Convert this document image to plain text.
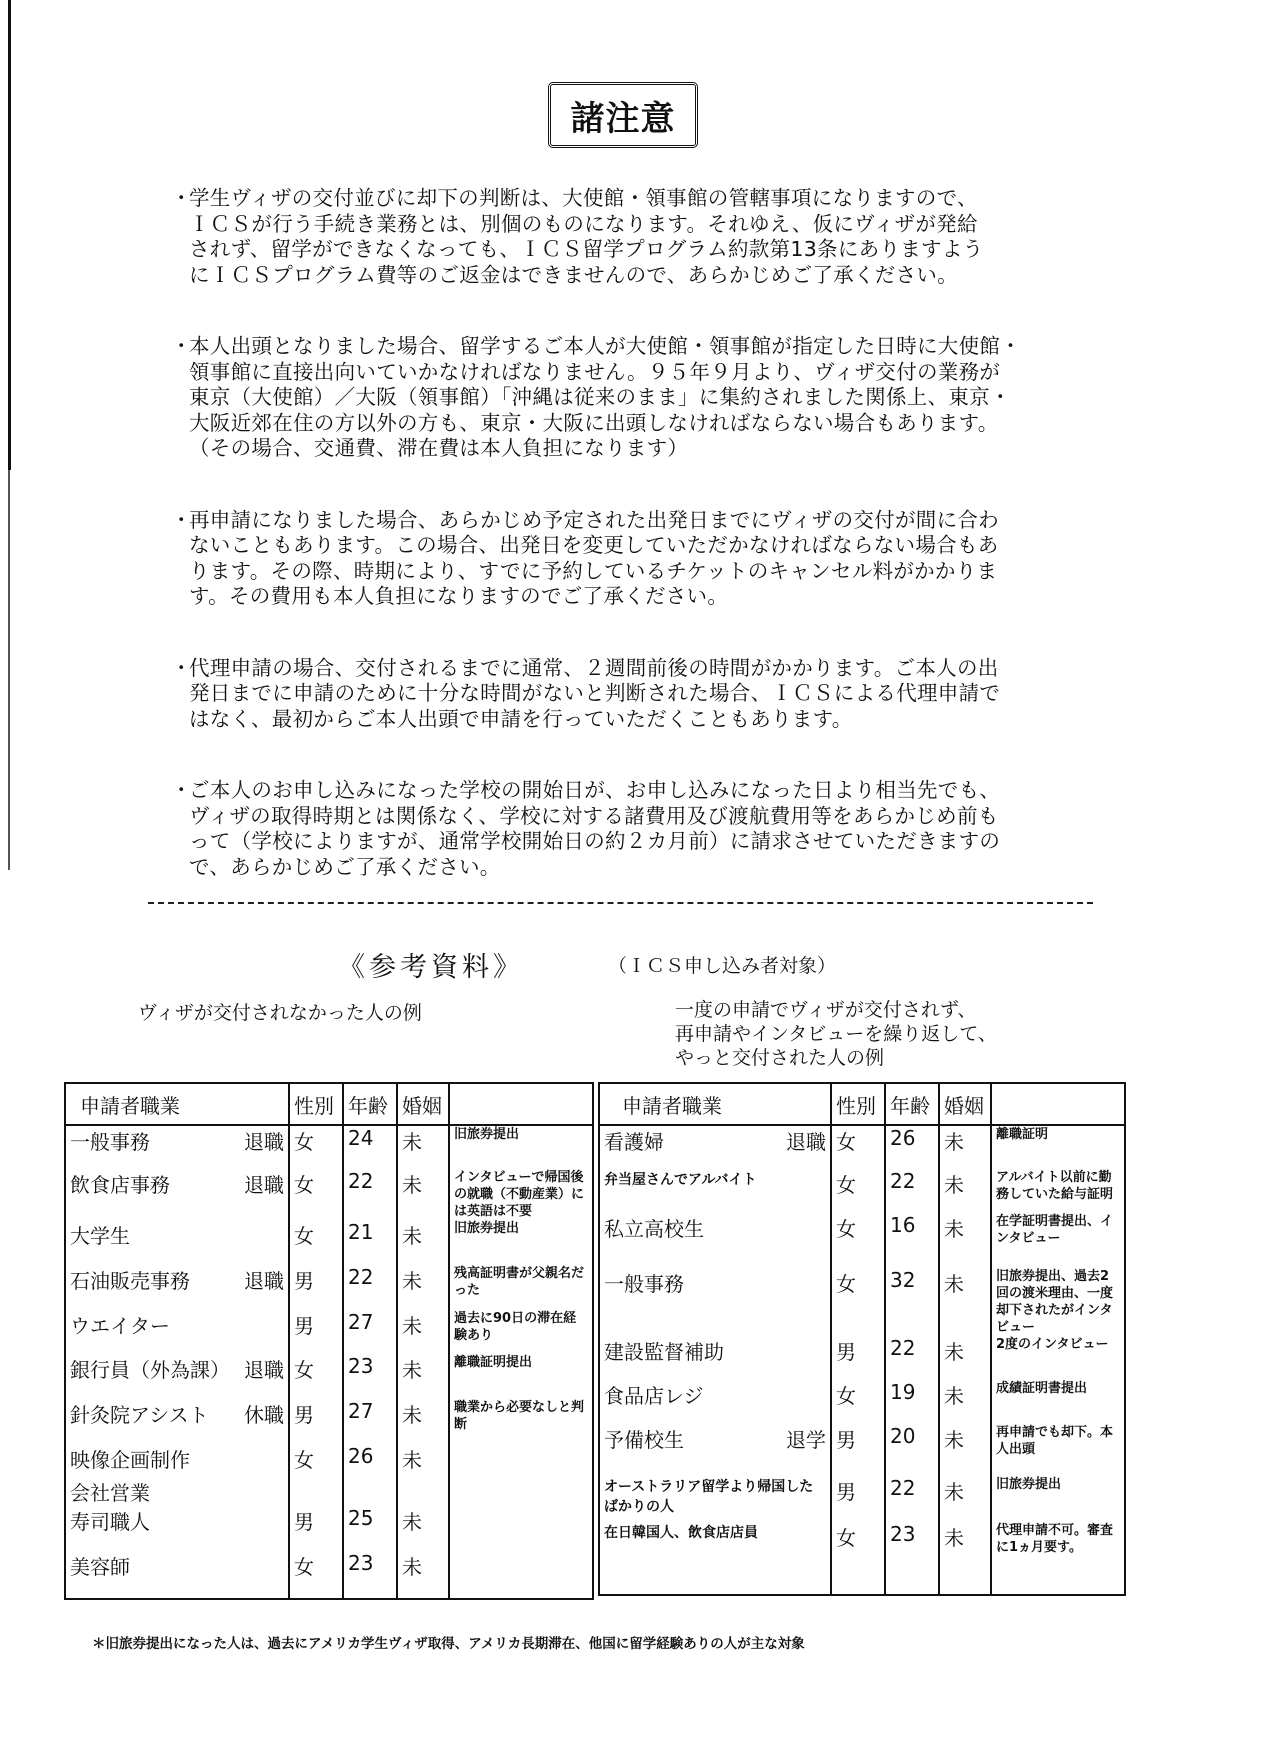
諸注意
・
学生ヴィザの交付並びに却下の判断は、大使館・領事館の管轄事項になりますので、
ＩＣＳが行う手続き業務とは、別個のものになります。それゆえ、仮にヴィザが発給
されず、留学ができなくなっても、ＩＣＳ留学プログラム約款第13条にありますよう
にＩＣＳプログラム費等のご返金はできませんので、あらかじめご了承ください。
・
本人出頭となりました場合、留学するご本人が大使館・領事館が指定した日時に大使館・
領事館に直接出向いていかなければなりません。９５年９月より、ヴィザ交付の業務が
東京（大使館）／大阪（領事館）「沖縄は従来のまま」に集約されました関係上、東京・
大阪近郊在住の方以外の方も、東京・大阪に出頭しなければならない場合もあります。
（その場合、交通費、滞在費は本人負担になります）
・
再申請になりました場合、あらかじめ予定された出発日までにヴィザの交付が間に合わ
ないこともあります。この場合、出発日を変更していただかなければならない場合もあ
ります。その際、時期により、すでに予約しているチケットのキャンセル料がかかりま
す。その費用も本人負担になりますのでご了承ください。
・
代理申請の場合、交付されるまでに通常、２週間前後の時間がかかります。ご本人の出
発日までに申請のために十分な時間がないと判断された場合、ＩＣＳによる代理申請で
はなく、最初からご本人出頭で申請を行っていただくこともあります。
・
ご本人のお申し込みになった学校の開始日が、お申し込みになった日より相当先でも、
ヴィザの取得時期とは関係なく、学校に対する諸費用及び渡航費用等をあらかじめ前も
って（学校によりますが、通常学校開始日の約２カ月前）に請求させていただきますの
で、あらかじめご了承ください。
《参考資料》	（ＩＣＳ申し込み者対象）
ヴィザが交付されなかった人の例	一度の申請でヴィザが交付されず、
再申請やインタビューを繰り返して、
やっと交付された人の例
申請者職業	性別	年齢	婚姻	

一般事務 退職	女	24	未	旧旅券提出

飲食店事務 退職	女	22	未	インタビューで帰国後の就職（不動産業）には英語は不要

大学生	女	21	未	旧旅券提出

石油販売事務 退職	男	22	未	残高証明書が父親名だった

ウエイター	男	27	未	過去に90日の滞在経験あり

銀行員（外為課） 退職	女	23	未	離職証明提出

針灸院アシスト 休職	男	27	未	職業から必要なしと判断

映像企画制作	女	26	未	

会社営業				

寿司職人	男	25	未	

美容師	女	23	未	
申請者職業	性別	年齢	婚姻	

看護婦 退職	女	26	未	離職証明

弁当屋さんでアルバイト	女	22	未	アルバイト以前に勤務していた給与証明

私立高校生	女	16	未	在学証明書提出、インタビュー

一般事務	女	32	未	旧旅券提出、過去2回の渡米理由、一度却下されたがインタビュー

建設監督補助	男	22	未	2度のインタビュー

食品店レジ	女	19	未	成績証明書提出

予備校生 退学	男	20	未	再申請でも却下。本人出頭

オーストラリア留学より帰国したばかりの人	男	22	未	旧旅券提出

在日韓国人、飲食店店員	女	23	未	代理申請不可。審査に1ヵ月要す。
＊旧旅券提出になった人は、過去にアメリカ学生ヴィザ取得、アメリカ長期滞在、他国に留学経験ありの人が主な対象
